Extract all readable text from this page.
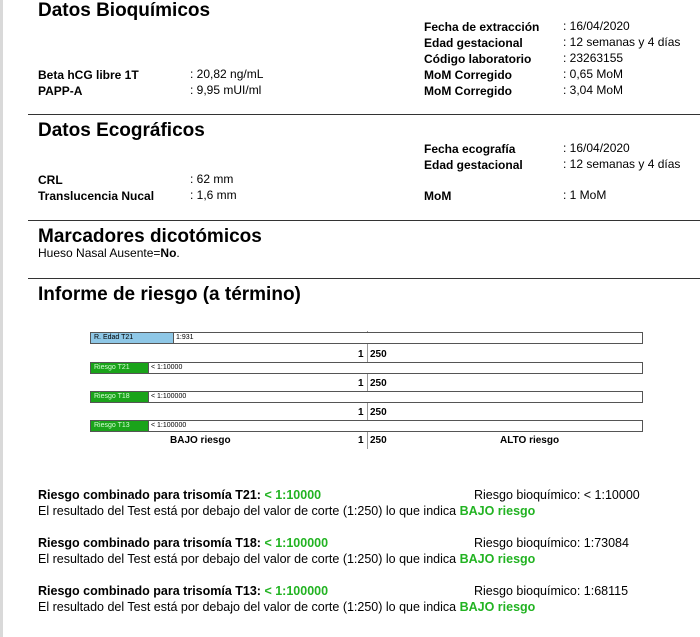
Datos Bioquímicos
Fecha de extracción : 16/04/2020
Edad gestacional	: 12 semanas y 4 días
Código laboratorio	: 23263155
MoM Corregido	: 0,65 MoM
MoM Corregido	: 3,04 MoM
Beta hCG libre 1T	: 20,82 ng/mL
PAPP-A	: 9,95 mUI/ml
Datos Ecográficos
Fecha ecografía	: 16/04/2020
Edad gestacional	: 12 semanas y 4 días
MoM	: 1 MoM
CRL	: 62 mm
Translucencia Nucal	: 1,6 mm
Marcadores dicotómicos
Hueso Nasal Ausente=No.
Informe de riesgo (a término)
R. Edad T21	1:931
1 250
Riesgo T21	< 1:10000
1 250
Riesgo T18	< 1:100000
1 250
Riesgo T13	< 1:100000
BAJO riesgo	1 250	ALTO riesgo
Riesgo combinado para trisomía T21: < 1:10000	Riesgo bioquímico: < 1:10000
El resultado del Test está por debajo del valor de corte (1:250) lo que indica BAJO riesgo
Riesgo combinado para trisomía T18: < 1:100000	Riesgo bioquímico: 1:73084
El resultado del Test está por debajo del valor de corte (1:250) lo que indica BAJO riesgo
Riesgo combinado para trisomía T13: < 1:100000	Riesgo bioquímico: 1:68115
El resultado del Test está por debajo del valor de corte (1:250) lo que indica BAJO riesgo
